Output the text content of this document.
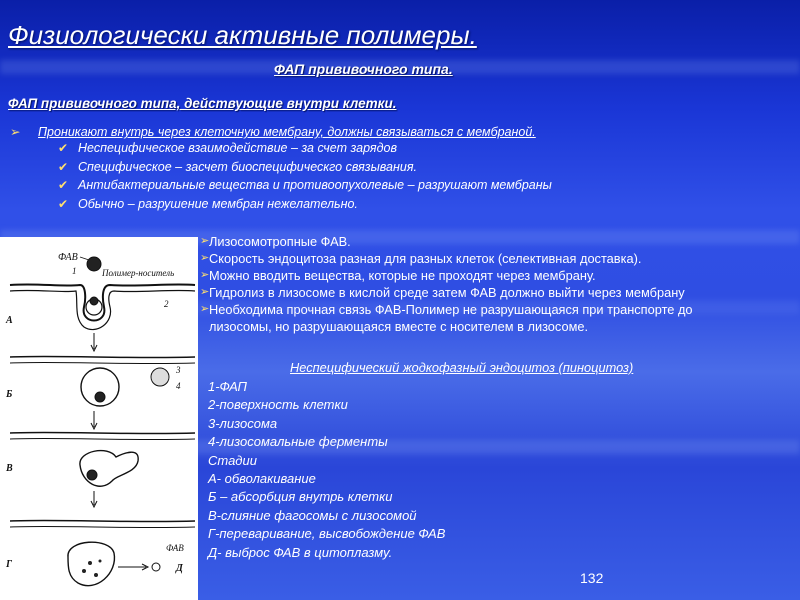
Физиологически активные полимеры.
ФАП прививочного типа.
ФАП прививочного типа, действующие внутри клетки.
➢	Проникают внутрь через клеточную мембрану, должны связываться с мембраной.
✔ Неспецифическое взаимодействие – за счет зарядов
✔ Специфическое – засчет биоспецифическго связывания.
✔ Антибактериальные вещества и противоопухолевые – разрушают мембраны
✔ Обычно – разрушение мембран нежелательно.
ФАВ
1	Полимер-носитель
2
А
3
4
Б
В
ФАВ
Г	Д
➢ Лизосомотропные ФАВ.
➢ Скорость эндоцитоза разная для разных клеток (селективная доставка).
➢ Можно вводить вещества, которые не проходят через мембрану.
➢ Гидролиз в лизосоме в кислой среде затем ФАВ должно выйти через мембрану
➢ Необходима прочная связь ФАВ-Полимер не разрушающаяся при транспорте до
лизосомы, но разрушающаяся вместе с носителем в лизосоме.
Неспецифический жодкофазный эндоцитоз (пиноцитоз)
1-ФАП
2-поверхность клетки
3-лизосома
4-лизосомальные ферменты
Стадии
А- обволакивание
Б – абсорбция внутрь клетки
В-слияние фагосомы с лизосомой
Г-переваривание, высвобождение ФАВ
Д- выброс ФАВ в цитоплазму.
132
